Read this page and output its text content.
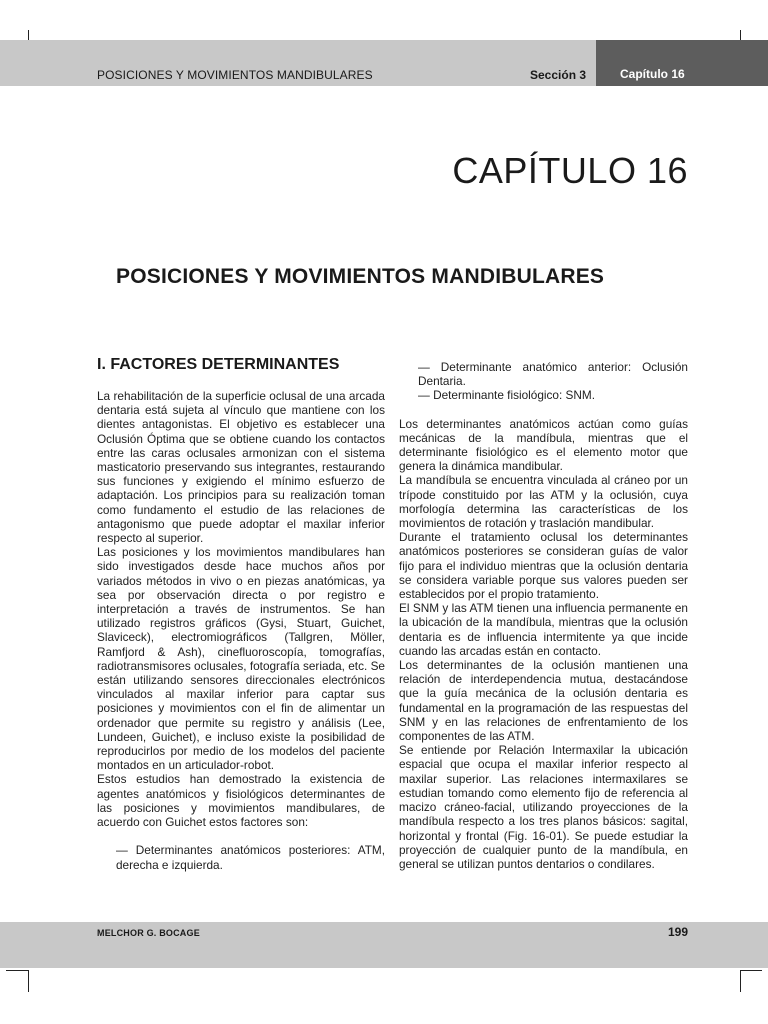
POSICIONES Y MOVIMIENTOS MANDIBULARES	Sección 3	Capítulo 16
CAPÍTULO 16
POSICIONES Y MOVIMIENTOS MANDIBULARES
I. FACTORES DETERMINANTES

La rehabilitación de la superficie oclusal de una arcada dentaria está sujeta al vínculo que mantiene con los dientes antagonistas. El objetivo es establecer una Oclusión Óptima que se obtiene cuando los contactos entre las caras oclusales armonizan con el sistema masticatorio preservando sus integrantes, restaurando sus funciones y exigiendo el mínimo esfuerzo de adaptación. Los principios para su realización toman como fundamento el estudio de las relaciones de antagonismo que puede adoptar el maxilar inferior respecto al superior.

Las posiciones y los movimientos mandibulares han sido investigados desde hace muchos años por variados métodos in vivo o en piezas anatómicas, ya sea por observación directa o por registro e interpretación a través de instrumentos. Se han utilizado registros gráficos (Gysi, Stuart, Guichet, Slaviceck), electromiográficos (Tallgren, Möller, Ramfjord & Ash), cinefluoroscopía, tomografías, radiotransmisores oclusales, fotografía seriada, etc. Se están utilizando sensores direccionales electrónicos vinculados al maxilar inferior para captar sus posiciones y movimientos con el fin de alimentar un ordenador que permite su registro y análisis (Lee, Lundeen, Guichet), e incluso existe la posibilidad de reproducirlos por medio de los modelos del paciente montados en un articulador-robot.

Estos estudios han demostrado la existencia de agentes anatómicos y fisiológicos determinantes de las posiciones y movimientos mandibulares, de acuerdo con Guichet estos factores son:

— Determinantes anatómicos posteriores: ATM, derecha e izquierda.

— Determinante anatómico anterior: Oclusión Dentaria.

— Determinante fisiológico: SNM.

Los determinantes anatómicos actúan como guías mecánicas de la mandíbula, mientras que el determinante fisiológico es el elemento motor que genera la dinámica mandibular.

La mandíbula se encuentra vinculada al cráneo por un trípode constituido por las ATM y la oclusión, cuya morfología determina las características de los movimientos de rotación y traslación mandibular.

Durante el tratamiento oclusal los determinantes anatómicos posteriores se consideran guías de valor fijo para el individuo mientras que la oclusión dentaria se considera variable porque sus valores pueden ser establecidos por el propio tratamiento.

El SNM y las ATM tienen una influencia permanente en la ubicación de la mandíbula, mientras que la oclusión dentaria es de influencia intermitente ya que incide cuando las arcadas están en contacto.

Los determinantes de la oclusión mantienen una relación de interdependencia mutua, destacándose que la guía mecánica de la oclusión dentaria es fundamental en la programación de las respuestas del SNM y en las relaciones de enfrentamiento de los componentes de las ATM.

Se entiende por Relación Intermaxilar la ubicación espacial que ocupa el maxilar inferior respecto al maxilar superior. Las relaciones intermaxilares se estudian tomando como elemento fijo de referencia al macizo cráneo-facial, utilizando proyecciones de la mandíbula respecto a los tres planos básicos: sagital, horizontal y frontal (Fig. 16-01). Se puede estudiar la proyección de cualquier punto de la mandíbula, en general se utilizan puntos dentarios o condilares.

MELCHOR G. BOCAGE	199
